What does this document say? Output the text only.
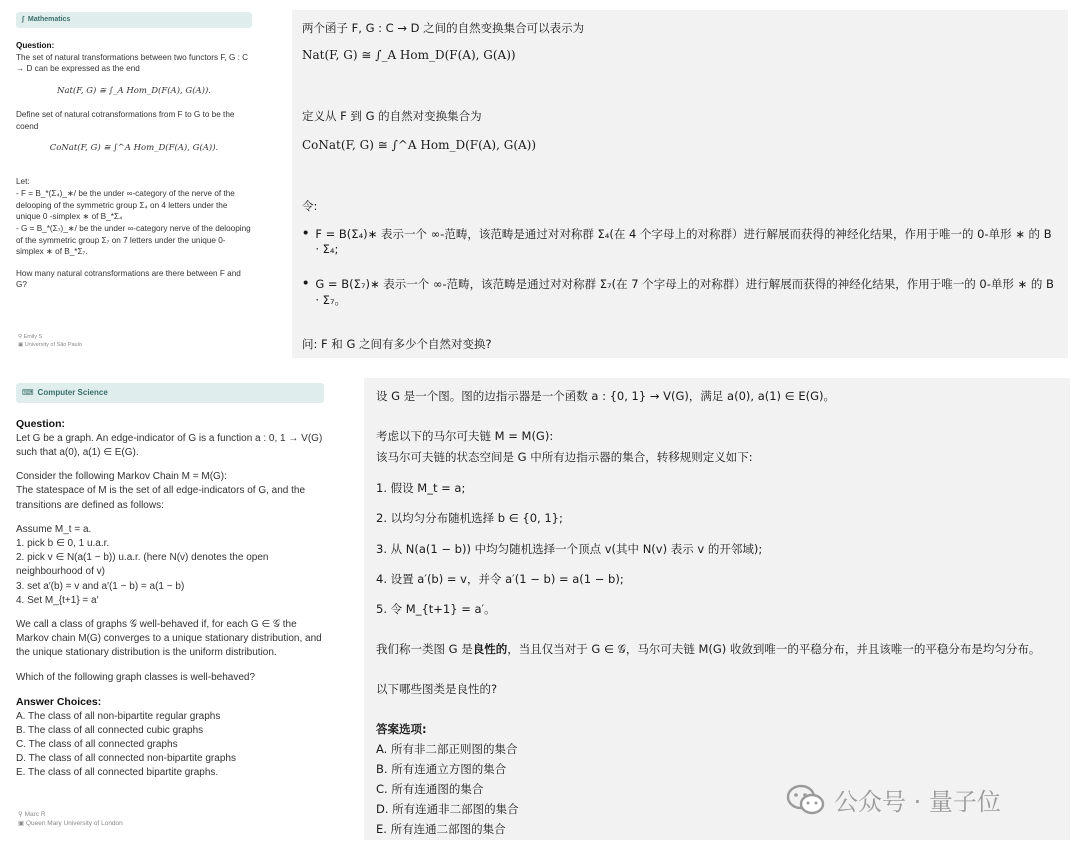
∫ Mathematics
Question:

The set of natural transformations between two functors F, G : C → D can be expressed as the end

Nat(F, G) ≅ ∫_A Hom_D(F(A), G(A)).

Define set of natural cotransformations from F to G to be the coend

CoNat(F, G) ≅ ∫^A Hom_D(F(A), G(A)).

Let:

- F = B_*(Σ₄)_∗/ be the under ∞-category of the nerve of the delooping of the symmetric group Σ₄ on 4 letters under the unique 0 -simplex ∗ of B_*Σ₄

- G = B_*(Σ₇)_∗/ be the under ∞-category nerve of the delooping of the symmetric group Σ₇ on 7 letters under the unique 0-simplex ∗ of B_*Σ₇.

How many natural cotransformations are there between F and G?

⚲ Emily S
▣ University of São Paulo
两个函子 F, G : C → D 之间的自然变换集合可以表示为
Nat(F, G) ≅ ∫_A Hom_D(F(A), G(A))
定义从 F 到 G 的自然对变换集合为
CoNat(F, G) ≅ ∫^A Hom_D(F(A), G(A))
令:
• F = B(Σ₄)∗ 表示一个 ∞-范畴，该范畴是通过对对称群 Σ₄(在 4 个字母上的对称群）进行解展而获得的神经化结果，作用于唯一的 0-单形 ∗ 的 B · Σ₄;
• G = B(Σ₇)∗ 表示一个 ∞-范畴，该范畴是通过对对称群 Σ₇(在 7 个字母上的对称群）进行解展而获得的神经化结果，作用于唯一的 0-单形 ∗ 的 B · Σ₇。
问: F 和 G 之间有多少个自然对变换?
⌨ Computer Science
Question:

Let G be a graph. An edge-indicator of G is a function a : 0, 1 → V(G) such that a(0), a(1) ∈ E(G).

Consider the following Markov Chain M = M(G):

The statespace of M is the set of all edge-indicators of G, and the transitions are defined as follows:

Assume M_t = a.

1. pick b ∈ 0, 1 u.a.r.

2. pick v ∈ N(a(1 − b)) u.a.r. (here N(v) denotes the open neighbourhood of v)

3. set a′(b) = v and a′(1 − b) = a(1 − b)

4. Set M_{t+1} = a′

We call a class of graphs 𝒢 well-behaved if, for each G ∈ 𝒢 the Markov chain M(G) converges to a unique stationary distribution, and the unique stationary distribution is the uniform distribution.

Which of the following graph classes is well-behaved?

Answer Choices:

A. The class of all non-bipartite regular graphs

B. The class of all connected cubic graphs

C. The class of all connected graphs

D. The class of all connected non-bipartite graphs

E. The class of all connected bipartite graphs.

⚲ Marc R
▣ Queen Mary University of London
设 G 是一个图。图的边指示器是一个函数 a : {0, 1} → V(G)，满足 a(0), a(1) ∈ E(G)。
考虑以下的马尔可夫链 M = M(G):
该马尔可夫链的状态空间是 G 中所有边指示器的集合，转移规则定义如下:
1. 假设 M_t = a;
2. 以均匀分布随机选择 b ∈ {0, 1};
3. 从 N(a(1 − b)) 中均匀随机选择一个顶点 v(其中 N(v) 表示 v 的开邻域);
4. 设置 a′(b) = v，并令 a′(1 − b) = a(1 − b);
5. 令 M_{t+1} = a′。
我们称一类图 G 是良性的，当且仅当对于 G ∈ 𝒢，马尔可夫链 M(G) 收敛到唯一的平稳分布，并且该唯一的平稳分布是均匀分布。
以下哪些图类是良性的?
答案选项:
A. 所有非二部正则图的集合
B. 所有连通立方图的集合
C. 所有连通图的集合
D. 所有连通非二部图的集合
E. 所有连通二部图的集合
公众号 · 量子位
